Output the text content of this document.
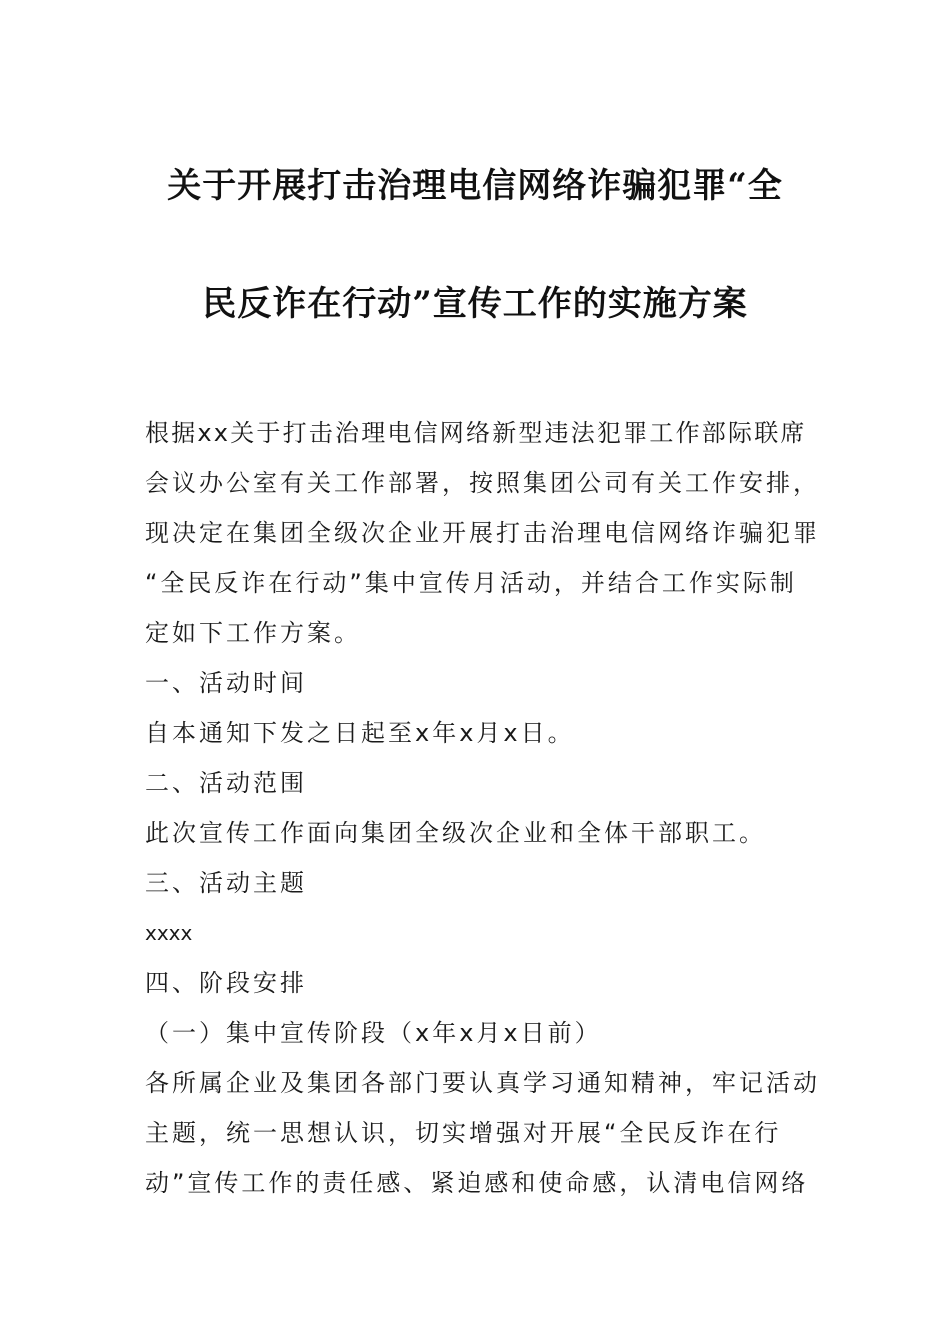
关于开展打击治理电信网络诈骗犯罪“全
民反诈在行动”宣传工作的实施方案
根据xx关于打击治理电信网络新型违法犯罪工作部际联席
会议办公室有关工作部署，按照集团公司有关工作安排，
现决定在集团全级次企业开展打击治理电信网络诈骗犯罪
“全民反诈在行动”集中宣传月活动，并结合工作实际制
定如下工作方案。
一、活动时间
自本通知下发之日起至x年x月x日。
二、活动范围
此次宣传工作面向集团全级次企业和全体干部职工。
三、活动主题
xxxx
四、阶段安排
（一）集中宣传阶段（x年x月x日前）
各所属企业及集团各部门要认真学习通知精神，牢记活动
主题，统一思想认识，切实增强对开展“全民反诈在行
动”宣传工作的责任感、紧迫感和使命感，认清电信网络
